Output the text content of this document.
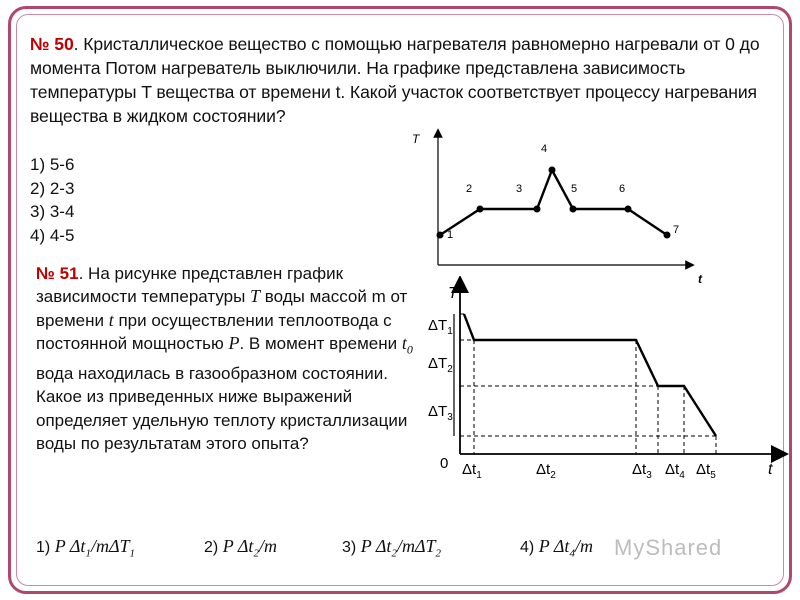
№ 50. Кристаллическое вещество с помощью нагревателя равномерно нагревали от 0 до момента Потом нагреватель выключили. На графике представлена зависимость температуры T вещества от времени t. Какой участок соответствует процессу нагревания вещества в жидком состоянии?
1) 5-6
2) 2-3
3) 3-4
4) 4-5
T
t
1
2	3
4
5	6
7
№ 51. На рисунке представлен график зависимости температуры T воды массой m от времени t при осуществлении теплоотвода с постоянной мощностью P. В момент времени $t_0$ вода находилась в газообразном состоянии. Какое из приведенных ниже выражений определяет удельную теплоту кристаллизации воды по результатам этого опыта?
T
t
0
$\Delta T_1$
$\Delta T_2$
$\Delta T_3$
$\Delta t_1$	$\Delta t_2$	$\Delta t_3$ $\Delta t_4$ $\Delta t_5$
1) P $\Delta t_1/m\Delta T_1$	2) P $\Delta t_2/m$	3) P $\Delta t_2/m\Delta T_2$	4) P $\Delta t_4/m$ MyShared
